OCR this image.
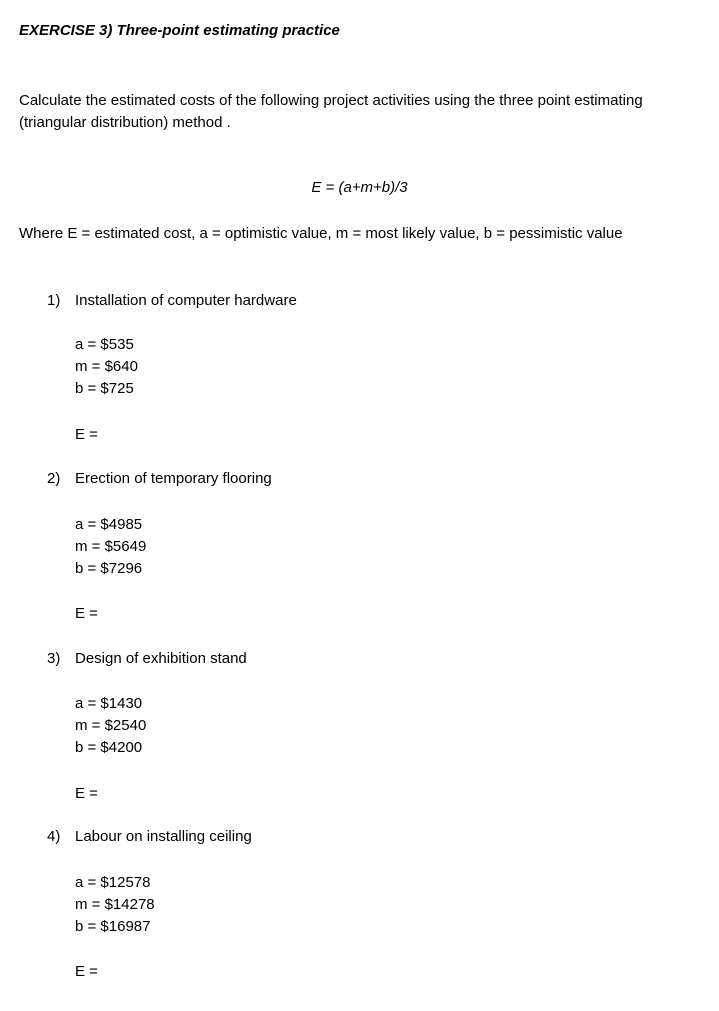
EXERCISE 3) Three-point estimating practice
Calculate the estimated costs of the following project activities using the three point estimating (triangular distribution) method .
E = (a+m+b)/3
Where E = estimated cost, a = optimistic value, m = most likely value, b = pessimistic value
1) Installation of computer hardware
a = $535
m = $640
b = $725
E =
2) Erection of temporary flooring
a = $4985
m = $5649
b = $7296
E =
3) Design of exhibition stand
a = $1430
m = $2540
b = $4200
E =
4) Labour on installing ceiling
a = $12578
m = $14278
b = $16987
E =
